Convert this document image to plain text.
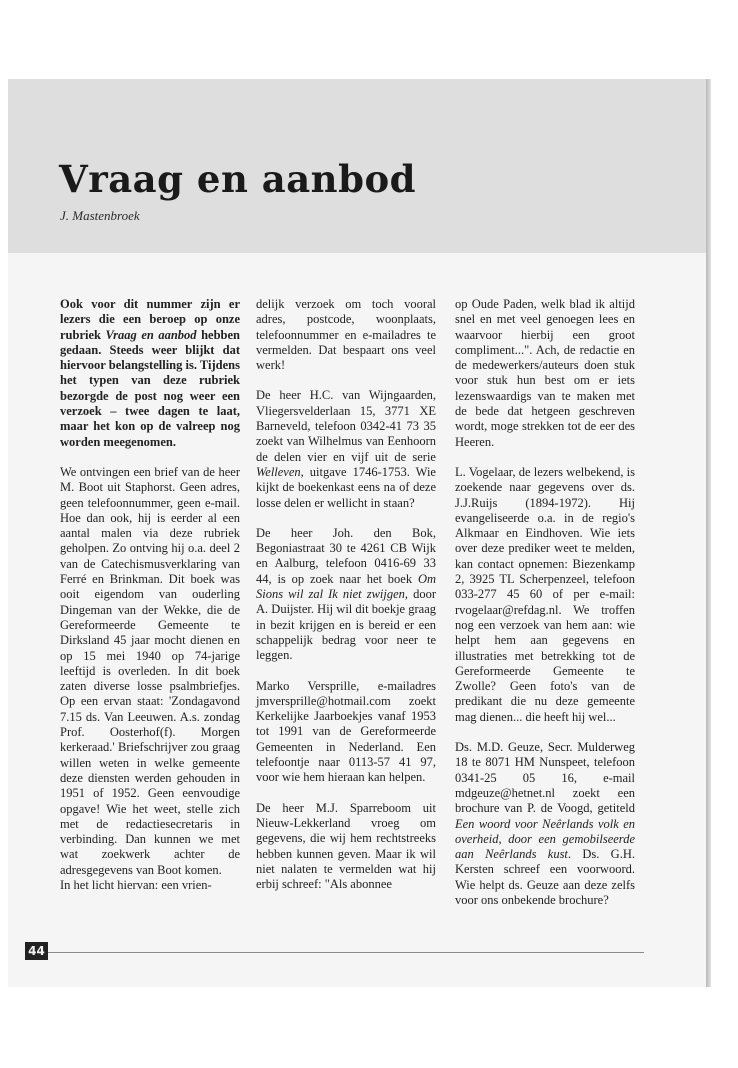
Vraag en aanbod
J. Mastenbroek

Ook voor dit nummer zijn er lezers die een beroep op onze rubriek Vraag en aanbod hebben gedaan. Steeds weer blijkt dat hiervoor belangstelling is. Tijdens het typen van deze rubriek bezorgde de post nog weer een verzoek – twee dagen te laat, maar het kon op de valreep nog worden meegenomen.

We ontvingen een brief van de heer M. Boot uit Staphorst. Geen adres, geen telefoonnummer, geen e-mail. Hoe dan ook, hij is eerder al een aantal malen via deze rubriek geholpen. Zo ontving hij o.a. deel 2 van de Catechismusverklaring van Ferré en Brinkman. Dit boek was ooit eigendom van ouderling Dingeman van der Wekke, die de Gereformeerde Gemeente te Dirksland 45 jaar mocht dienen en op 15 mei 1940 op 74-jarige leeftijd is overleden. In dit boek zaten diverse losse psalmbriefjes. Op een ervan staat: 'Zondagavond 7.15 ds. Van Leeuwen. A.s. zondag Prof. Oosterhof(f). Morgen kerkeraad.' Briefschrijver zou graag willen weten in welke gemeente deze diensten werden gehouden in 1951 of 1952. Geen eenvoudige opgave! Wie het weet, stelle zich met de redactiesecretaris in verbinding. Dan kunnen we met wat zoekwerk achter de adresgegevens van Boot komen.

In het licht hiervan: een vrien-

delijk verzoek om toch vooral adres, postcode, woonplaats, telefoonnummer en e-mailadres te vermelden. Dat bespaart ons veel werk!

De heer H.C. van Wijngaarden, Vliegersvelderlaan 15, 3771 XE Barneveld, telefoon 0342-41 73 35 zoekt van Wilhelmus van Eenhoorn de delen vier en vijf uit de serie Welleven, uitgave 1746-1753. Wie kijkt de boekenkast eens na of deze losse delen er wellicht in staan?

De heer Joh. den Bok, Begoniastraat 30 te 4261 CB Wijk en Aalburg, telefoon 0416-69 33 44, is op zoek naar het boek Om Sions wil zal Ik niet zwijgen, door A. Duijster. Hij wil dit boekje graag in bezit krijgen en is bereid er een schappelijk bedrag voor neer te leggen.

Marko Versprille, e-mailadres jmversprille@hotmail.com zoekt Kerkelijke Jaarboekjes vanaf 1953 tot 1991 van de Gereformeerde Gemeenten in Nederland. Een telefoontje naar 0113-57 41 97, voor wie hem hieraan kan helpen.

De heer M.J. Sparreboom uit Nieuw-Lekkerland vroeg om gegevens, die wij hem rechtstreeks hebben kunnen geven. Maar ik wil niet nalaten te vermelden wat hij erbij schreef: "Als abonnee

op Oude Paden, welk blad ik altijd snel en met veel genoegen lees en waarvoor hierbij een groot compliment...". Ach, de redactie en de medewerkers/auteurs doen stuk voor stuk hun best om er iets lezenswaardigs van te maken met de bede dat hetgeen geschreven wordt, moge strekken tot de eer des Heeren.

L. Vogelaar, de lezers welbekend, is zoekende naar gegevens over ds. J.J.Ruijs (1894-1972). Hij evangeliseerde o.a. in de regio's Alkmaar en Eindhoven. Wie iets over deze prediker weet te melden, kan contact opnemen: Biezenkamp 2, 3925 TL Scherpenzeel, telefoon 033-277 45 60 of per e-mail: rvogelaar@refdag.nl. We troffen nog een verzoek van hem aan: wie helpt hem aan gegevens en illustraties met betrekking tot de Gereformeerde Gemeente te Zwolle? Geen foto's van de predikant die nu deze gemeente mag dienen... die heeft hij wel...

Ds. M.D. Geuze, Secr. Mulderweg 18 te 8071 HM Nunspeet, telefoon 0341-25 05 16, e-mail mdgeuze@hetnet.nl zoekt een brochure van P. de Voogd, getiteld Een woord voor Neêrlands volk en overheid, door een gemobilseerde aan Neêrlands kust. Ds. G.H. Kersten schreef een voorwoord. Wie helpt ds. Geuze aan deze zelfs voor ons onbekende brochure?

44
